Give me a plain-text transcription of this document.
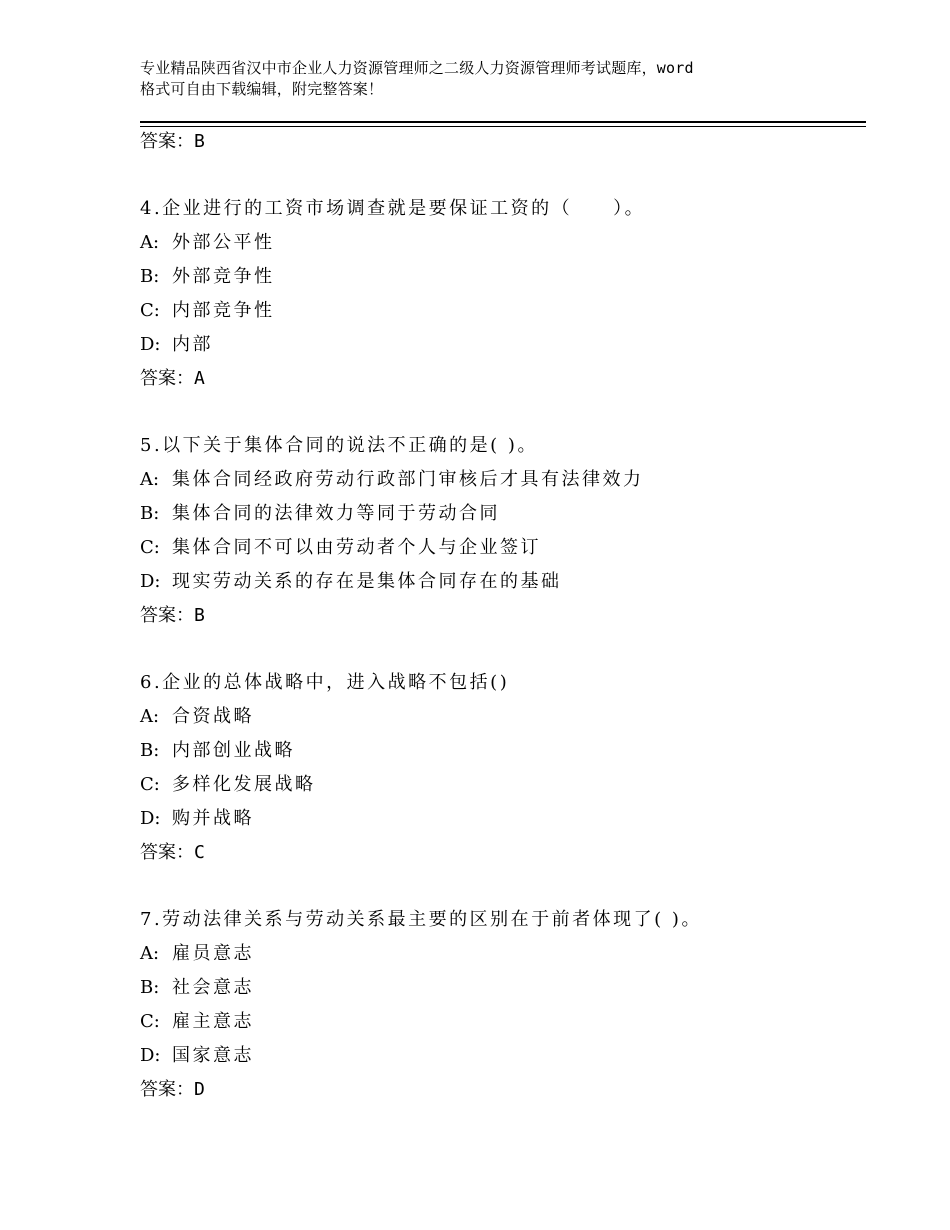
专业精品陕西省汉中市企业人力资源管理师之二级人力资源管理师考试题库，word
格式可自由下载编辑，附完整答案！
答案：B
4.企业进行的工资市场调查就是要保证工资的（　　）。
A: 外部公平性
B: 外部竞争性
C: 内部竞争性
D: 内部
答案：A
5.以下关于集体合同的说法不正确的是( )。
A: 集体合同经政府劳动行政部门审核后才具有法律效力
B: 集体合同的法律效力等同于劳动合同
C: 集体合同不可以由劳动者个人与企业签订
D: 现实劳动关系的存在是集体合同存在的基础
答案：B
6.企业的总体战略中，进入战略不包括()
A: 合资战略
B: 内部创业战略
C: 多样化发展战略
D: 购并战略
答案：C
7.劳动法律关系与劳动关系最主要的区别在于前者体现了( )。
A: 雇员意志
B: 社会意志
C: 雇主意志
D: 国家意志
答案：D
